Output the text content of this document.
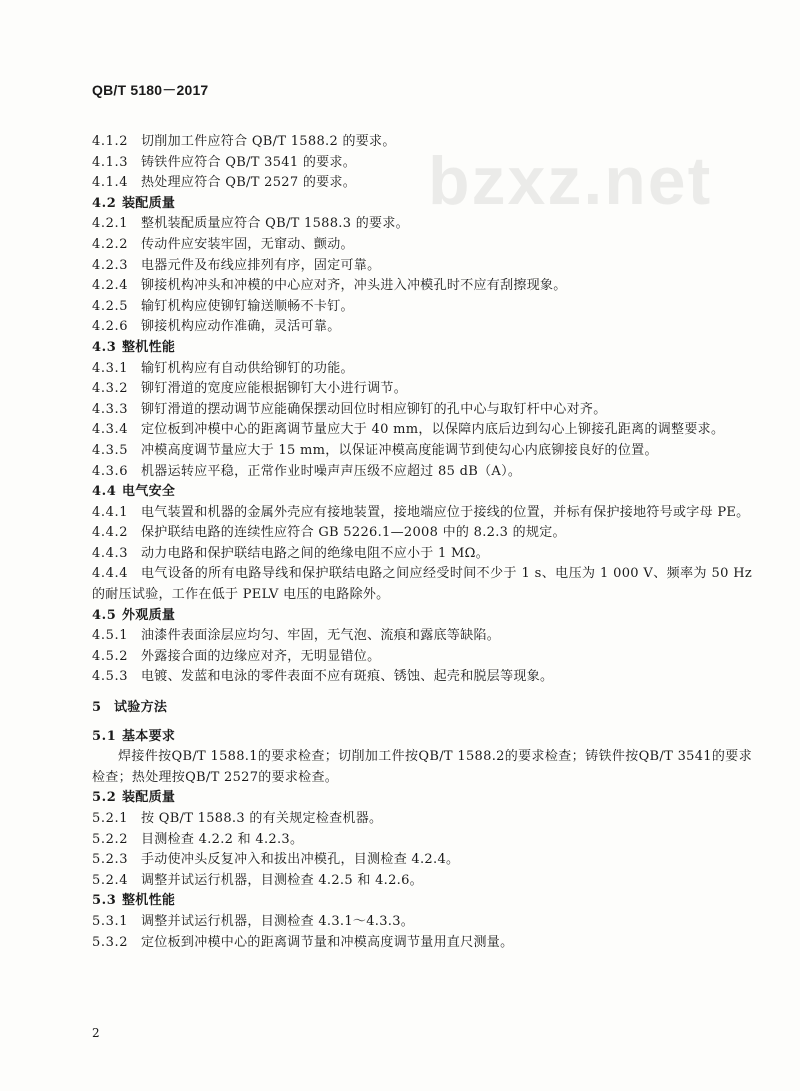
QB/T 5180－2017
bzxz.net
4.1.2 切削加工件应符合 QB/T 1588.2 的要求。
4.1.3 铸铁件应符合 QB/T 3541 的要求。
4.1.4 热处理应符合 QB/T 2527 的要求。
4.2 装配质量
4.2.1 整机装配质量应符合 QB/T 1588.3 的要求。
4.2.2 传动件应安装牢固，无窜动、颤动。
4.2.3 电器元件及布线应排列有序，固定可靠。
4.2.4 铆接机构冲头和冲模的中心应对齐，冲头进入冲模孔时不应有刮擦现象。
4.2.5 输钉机构应使铆钉输送顺畅不卡钉。
4.2.6 铆接机构应动作准确，灵活可靠。
4.3 整机性能
4.3.1 输钉机构应有自动供给铆钉的功能。
4.3.2 铆钉滑道的宽度应能根据铆钉大小进行调节。
4.3.3 铆钉滑道的摆动调节应能确保摆动回位时相应铆钉的孔中心与取钉杆中心对齐。
4.3.4 定位板到冲模中心的距离调节量应大于 40 mm，以保障内底后边到勾心上铆接孔距离的调整要求。
4.3.5 冲模高度调节量应大于 15 mm，以保证冲模高度能调节到使勾心内底铆接良好的位置。
4.3.6 机器运转应平稳，正常作业时噪声声压级不应超过 85 dB（A）。
4.4 电气安全
4.4.1 电气装置和机器的金属外壳应有接地装置，接地端应位于接线的位置，并标有保护接地符号或字母 PE。
4.4.2 保护联结电路的连续性应符合 GB 5226.1—2008 中的 8.2.3 的规定。
4.4.3 动力电路和保护联结电路之间的绝缘电阻不应小于 1 MΩ。
4.4.4 电气设备的所有电路导线和保护联结电路之间应经受时间不少于 1 s、电压为 1 000 V、频率为 50 Hz 的耐压试验，工作在低于 PELV 电压的电路除外。
4.5 外观质量
4.5.1 油漆件表面涂层应均匀、牢固，无气泡、流痕和露底等缺陷。
4.5.2 外露接合面的边缘应对齐，无明显错位。
4.5.3 电镀、发蓝和电泳的零件表面不应有斑痕、锈蚀、起壳和脱层等现象。
5 试验方法
5.1 基本要求
焊接件按QB/T 1588.1的要求检查；切削加工件按QB/T 1588.2的要求检查；铸铁件按QB/T 3541的要求检查；热处理按QB/T 2527的要求检查。
5.2 装配质量
5.2.1 按 QB/T 1588.3 的有关规定检查机器。
5.2.2 目测检查 4.2.2 和 4.2.3。
5.2.3 手动使冲头反复冲入和拔出冲模孔，目测检查 4.2.4。
5.2.4 调整并试运行机器，目测检查 4.2.5 和 4.2.6。
5.3 整机性能
5.3.1 调整并试运行机器，目测检查 4.3.1～4.3.3。
5.3.2 定位板到冲模中心的距离调节量和冲模高度调节量用直尺测量。
2
